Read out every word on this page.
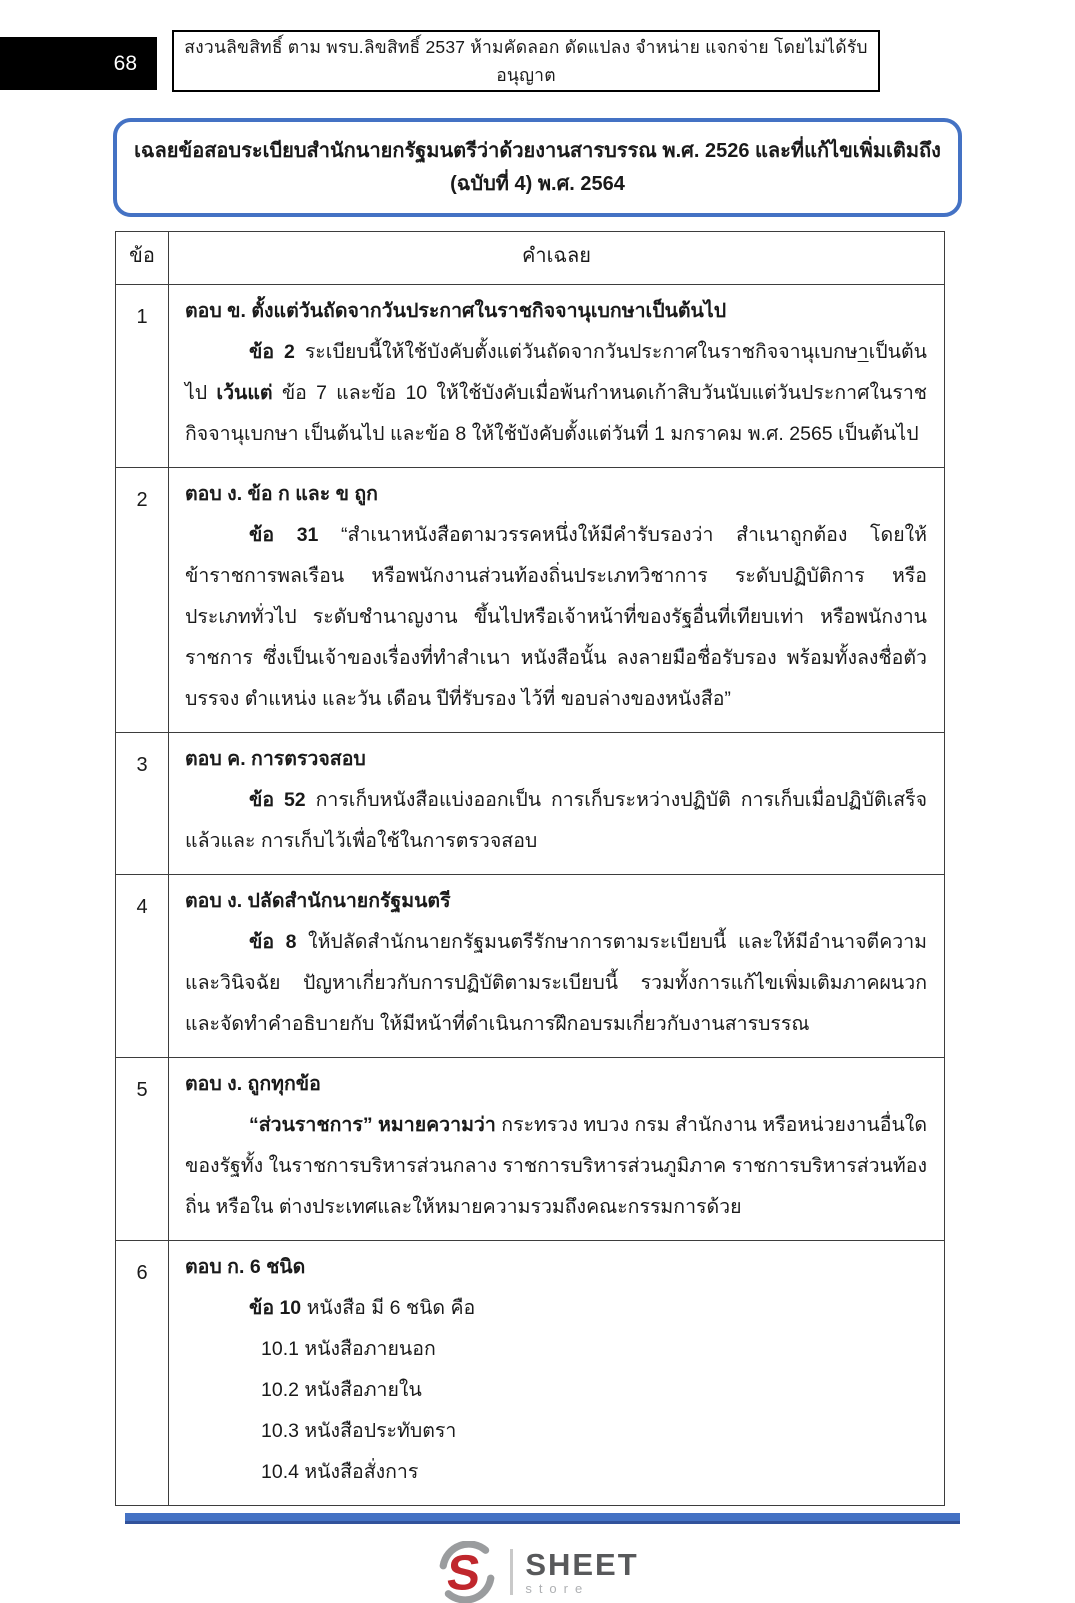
68
สงวนลิขสิทธิ์ ตาม พรบ.ลิขสิทธิ์ 2537 ห้ามคัดลอก ดัดแปลง จำหน่าย แจกจ่าย โดยไม่ได้รับอนุญาต
เฉลยข้อสอบระเบียบสำนักนายกรัฐมนตรีว่าด้วยงานสารบรรณ พ.ศ. 2526 และที่แก้ไขเพิ่มเติมถึง
(ฉบับที่ 4) พ.ศ. 2564
ข้อ	คำเฉลย
1	ตอบ ข. ตั้งแต่วันถัดจากวันประกาศในราชกิจจานุเบกษาเป็นต้นไป

ข้อ 2 ระเบียบนี้ให้ใช้บังคับตั้งแต่วันถัดจากวันประกาศในราชกิจจานุเบกษาเป็นต้นไป เว้นแต่ ข้อ 7 และข้อ 10 ให้ใช้บังคับเมื่อพ้นกำหนดเก้าสิบวันนับแต่วันประกาศในราชกิจจานุเบกษา เป็นต้นไป และข้อ 8 ให้ใช้บังคับตั้งแต่วันที่ 1 มกราคม พ.ศ. 2565 เป็นต้นไป

2	ตอบ ง. ข้อ ก และ ข ถูก

ข้อ 31 “สำเนาหนังสือตามวรรคหนึ่งให้มีคำรับรองว่า สำเนาถูกต้อง โดยให้ข้าราชการพลเรือน หรือพนักงานส่วนท้องถิ่นประเภทวิชาการ ระดับปฏิบัติการ หรือประเภททั่วไป ระดับชำนาญงาน ขึ้นไปหรือเจ้าหน้าที่ของรัฐอื่นที่เทียบเท่า หรือพนักงานราชการ ซึ่งเป็นเจ้าของเรื่องที่ทำสำเนา หนังสือนั้น ลงลายมือชื่อรับรอง พร้อมทั้งลงชื่อตัวบรรจง ตำแหน่ง และวัน เดือน ปีที่รับรอง ไว้ที่ ขอบล่างของหนังสือ”

3	ตอบ ค. การตรวจสอบ

ข้อ 52 การเก็บหนังสือแบ่งออกเป็น การเก็บระหว่างปฏิบัติ การเก็บเมื่อปฏิบัติเสร็จแล้วและ การเก็บไว้เพื่อใช้ในการตรวจสอบ

4	ตอบ ง. ปลัดสำนักนายกรัฐมนตรี

ข้อ 8 ให้ปลัดสำนักนายกรัฐมนตรีรักษาการตามระเบียบนี้ และให้มีอำนาจตีความและวินิจฉัย ปัญหาเกี่ยวกับการปฏิบัติตามระเบียบนี้ รวมทั้งการแก้ไขเพิ่มเติมภาคผนวกและจัดทำคำอธิบายกับ ให้มีหน้าที่ดำเนินการฝึกอบรมเกี่ยวกับงานสารบรรณ

5	ตอบ ง. ถูกทุกข้อ

“ส่วนราชการ” หมายความว่า กระทรวง ทบวง กรม สำนักงาน หรือหน่วยงานอื่นใดของรัฐทั้ง ในราชการบริหารส่วนกลาง ราชการบริหารส่วนภูมิภาค ราชการบริหารส่วนท้องถิ่น หรือใน ต่างประเทศและให้หมายความรวมถึงคณะกรรมการด้วย

6	ตอบ ก. 6 ชนิด

ข้อ 10 หนังสือ มี 6 ชนิด คือ

10.1 หนังสือภายนอก
10.2 หนังสือภายใน
10.3 หนังสือประทับตรา
10.4 หนังสือสั่งการ
S SHEET
store
